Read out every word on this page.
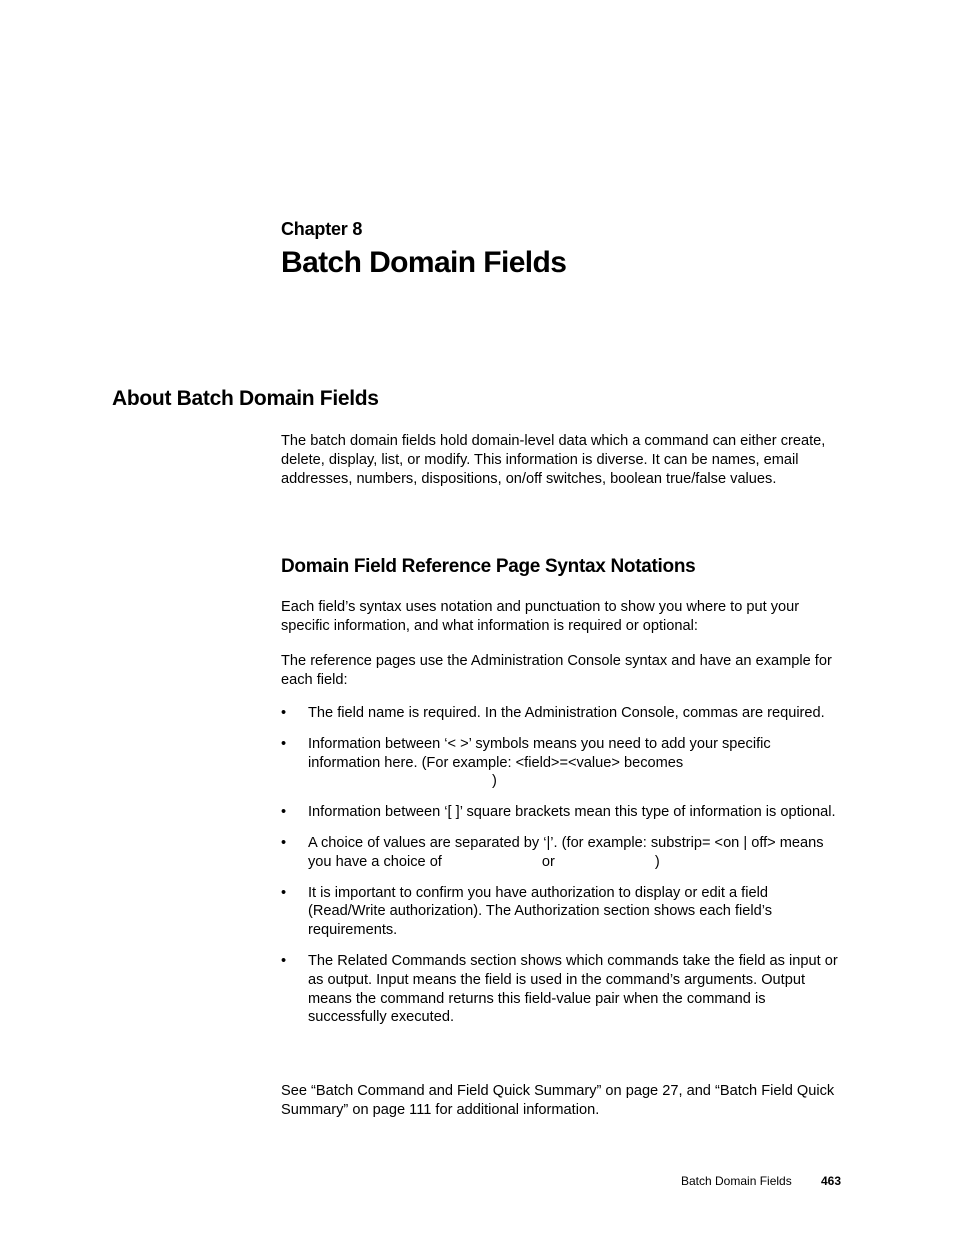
Chapter 8
Batch Domain Fields
About Batch Domain Fields
The batch domain fields hold domain-level data which a command can either create, delete, display, list, or modify. This information is diverse. It can be names, email addresses, numbers, dispositions, on/off switches, boolean true/false values.
Domain Field Reference Page Syntax Notations
Each field’s syntax uses notation and punctuation to show you where to put your specific information, and what information is required or optional:
The reference pages use the Administration Console syntax and have an example for each field:
• The field name is required. In the Administration Console, commas are required.
• Information between ‘< >’ symbols means you need to add your specific information here. (For example: <field>=<value> becomes
)
• Information between ‘[ ]’ square brackets mean this type of information is optional.
• A choice of values are separated by ‘|’. (for example: substrip= <on | off> means you have a choice of	or	)
• It is important to confirm you have authorization to display or edit a field (Read/Write authorization). The Authorization section shows each field’s requirements.
• The Related Commands section shows which commands take the field as input or as output. Input means the field is used in the command’s arguments. Output means the command returns this field-value pair when the command is successfully executed.
See “Batch Command and Field Quick Summary” on page 27, and “Batch Field Quick Summary” on page 111 for additional information.
Batch Domain Fields 463
